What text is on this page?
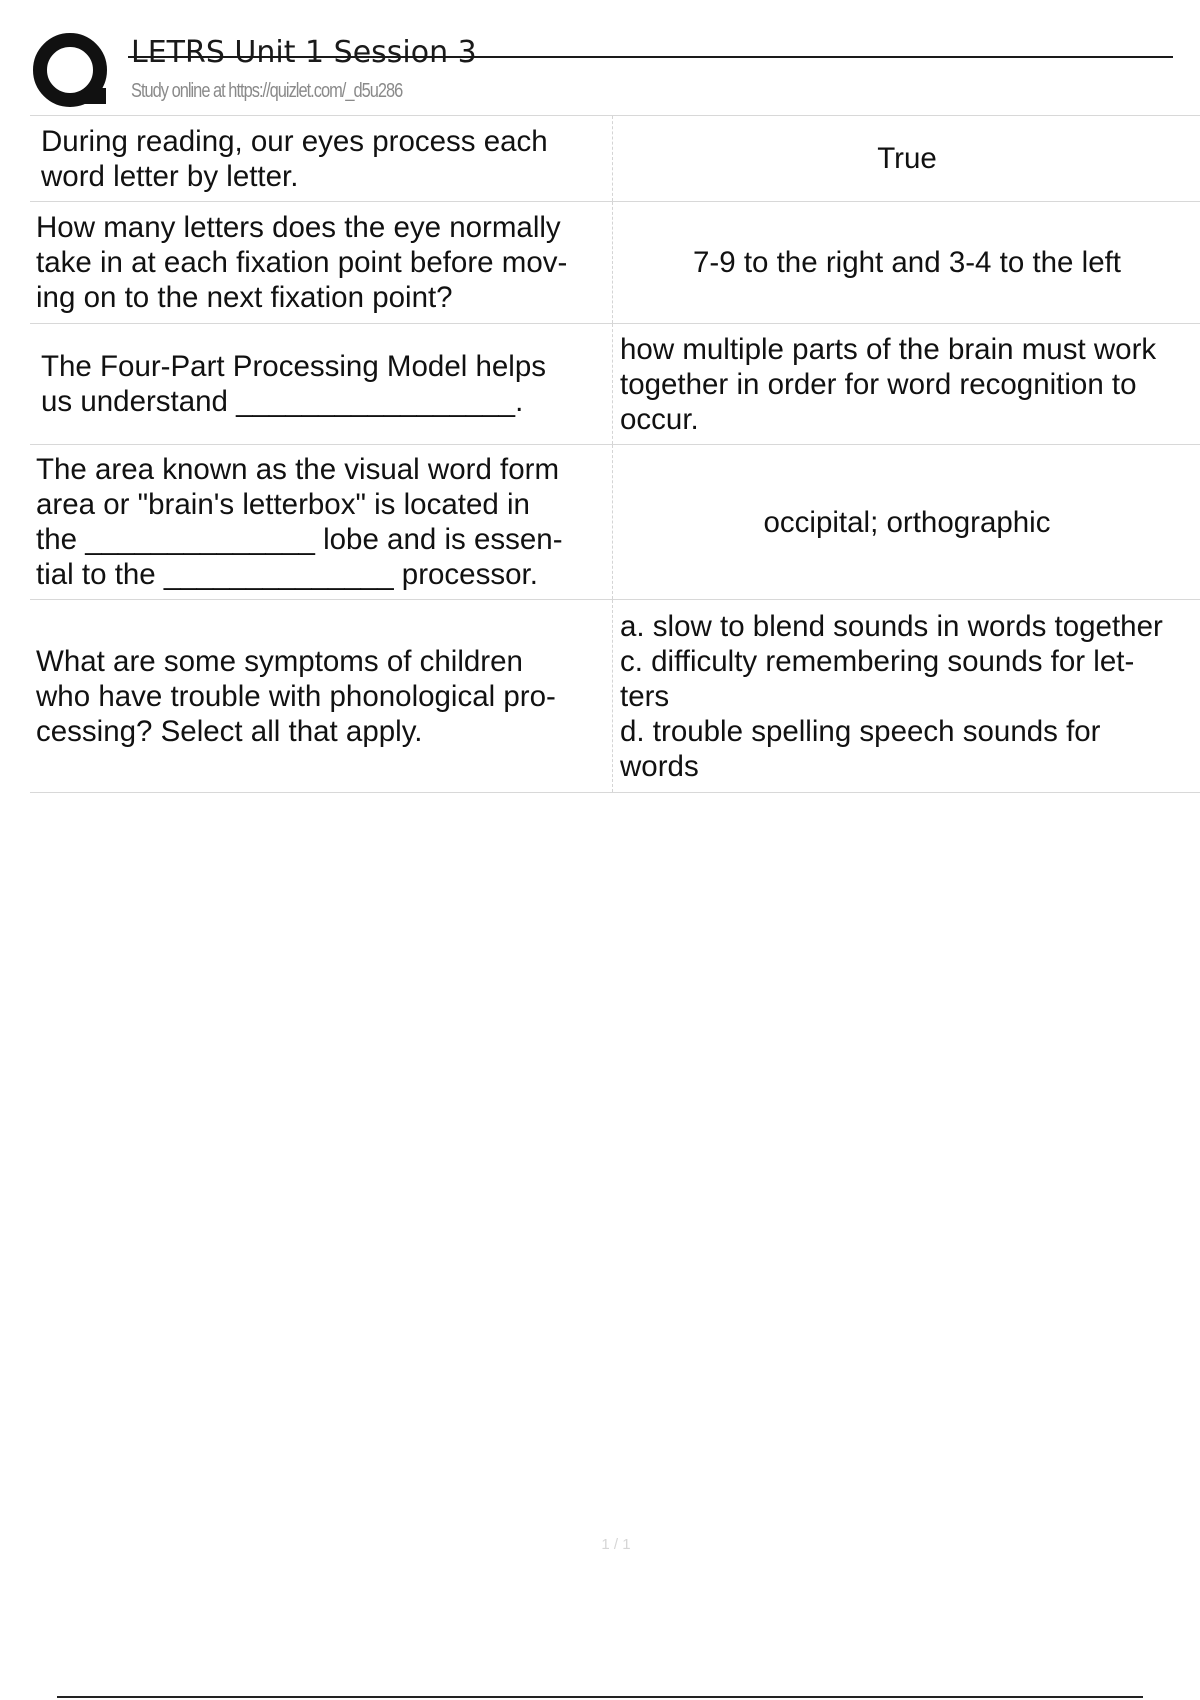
LETRS Unit 1 Session 3
Study online at https://quizlet.com/_d5u286
During reading, our eyes process each
word letter by letter.
True
How many letters does the eye normally
take in at each fixation point before mov-
ing on to the next fixation point?
7-9 to the right and 3-4 to the left
The Four-Part Processing Model helps
us understand _________________.
how multiple parts of the brain must work
together in order for word recognition to
occur.
The area known as the visual word form
area or "brain's letterbox" is located in
the ______________ lobe and is essen-
tial to the ______________ processor.
occipital; orthographic
What are some symptoms of children
who have trouble with phonological pro-
cessing? Select all that apply.
a. slow to blend sounds in words together
c. difficulty remembering sounds for let-
ters
d. trouble spelling speech sounds for
words
1 / 1
